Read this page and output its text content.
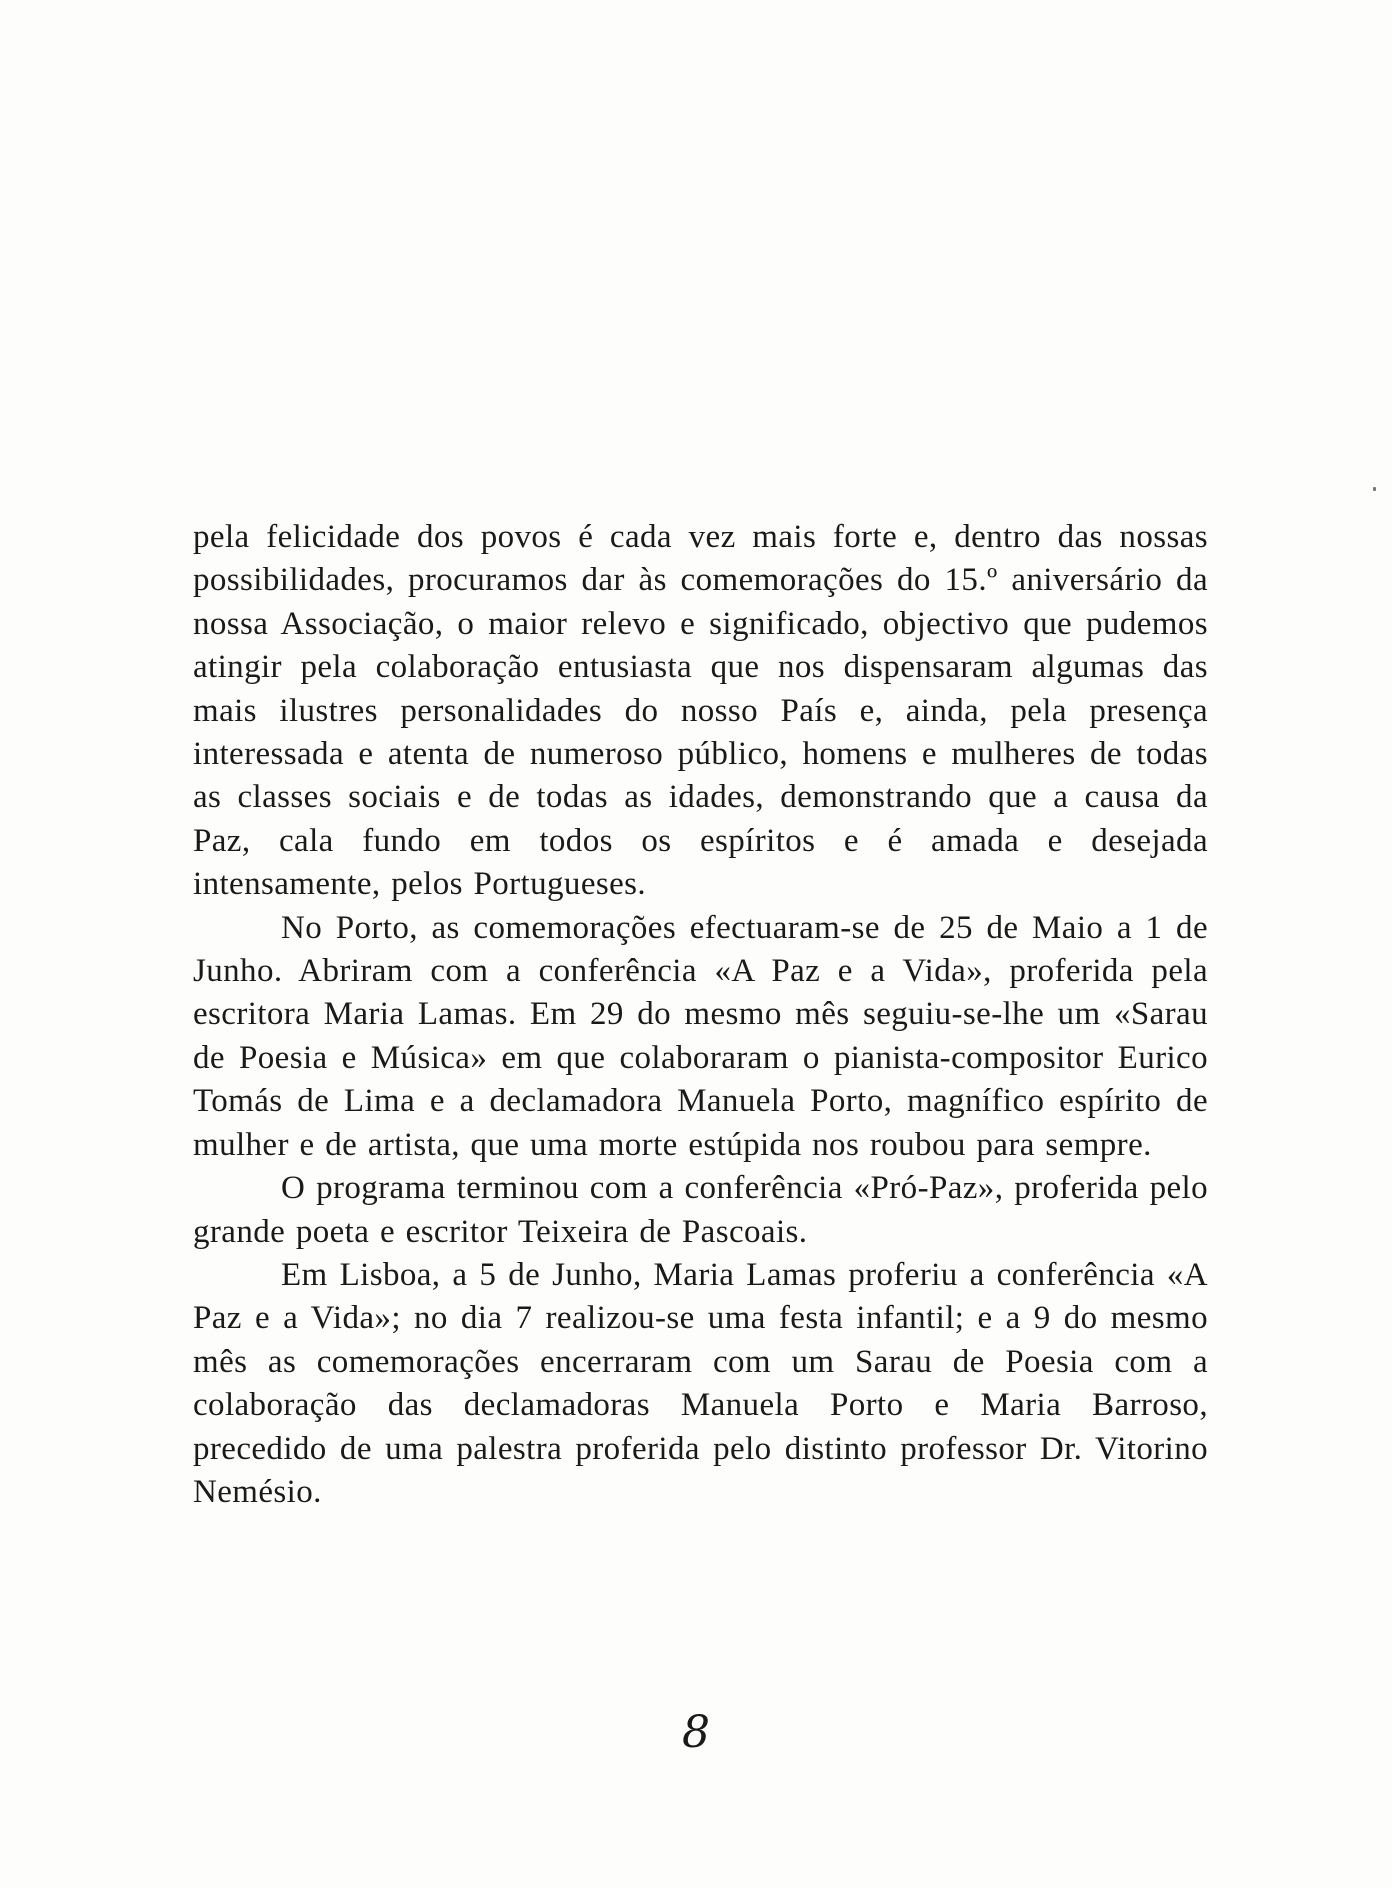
pela felicidade dos povos é cada vez mais forte e, dentro das nossas possibilidades, procuramos dar às comemorações do 15.º aniversário da nossa Associação, o maior relevo e significado, objectivo que pudemos atingir pela colaboração entusiasta que nos dispensaram algumas das mais ilustres personalidades do nosso País e, ainda, pela presença interessada e atenta de numeroso público, homens e mulheres de todas as classes sociais e de todas as idades, demonstrando que a causa da Paz, cala fundo em todos os espíritos e é amada e desejada intensamente, pelos Portugueses.

No Porto, as comemorações efectuaram-se de 25 de Maio a 1 de Junho. Abriram com a conferência «A Paz e a Vida», proferida pela escritora Maria Lamas. Em 29 do mesmo mês seguiu-se-lhe um «Sarau de Poesia e Música» em que colaboraram o pianista-compositor Eurico Tomás de Lima e a declamadora Manuela Porto, magnífico espírito de mulher e de artista, que uma morte estúpida nos roubou para sempre.

O programa terminou com a conferência «Pró-Paz», proferida pelo grande poeta e escritor Teixeira de Pascoais.

Em Lisboa, a 5 de Junho, Maria Lamas proferiu a conferência «A Paz e a Vida»; no dia 7 realizou-se uma festa infantil; e a 9 do mesmo mês as comemorações encerraram com um Sarau de Poesia com a colaboração das declamadoras Manuela Porto e Maria Barroso, precedido de uma palestra proferida pelo distinto professor Dr. Vitorino Nemésio.

8
